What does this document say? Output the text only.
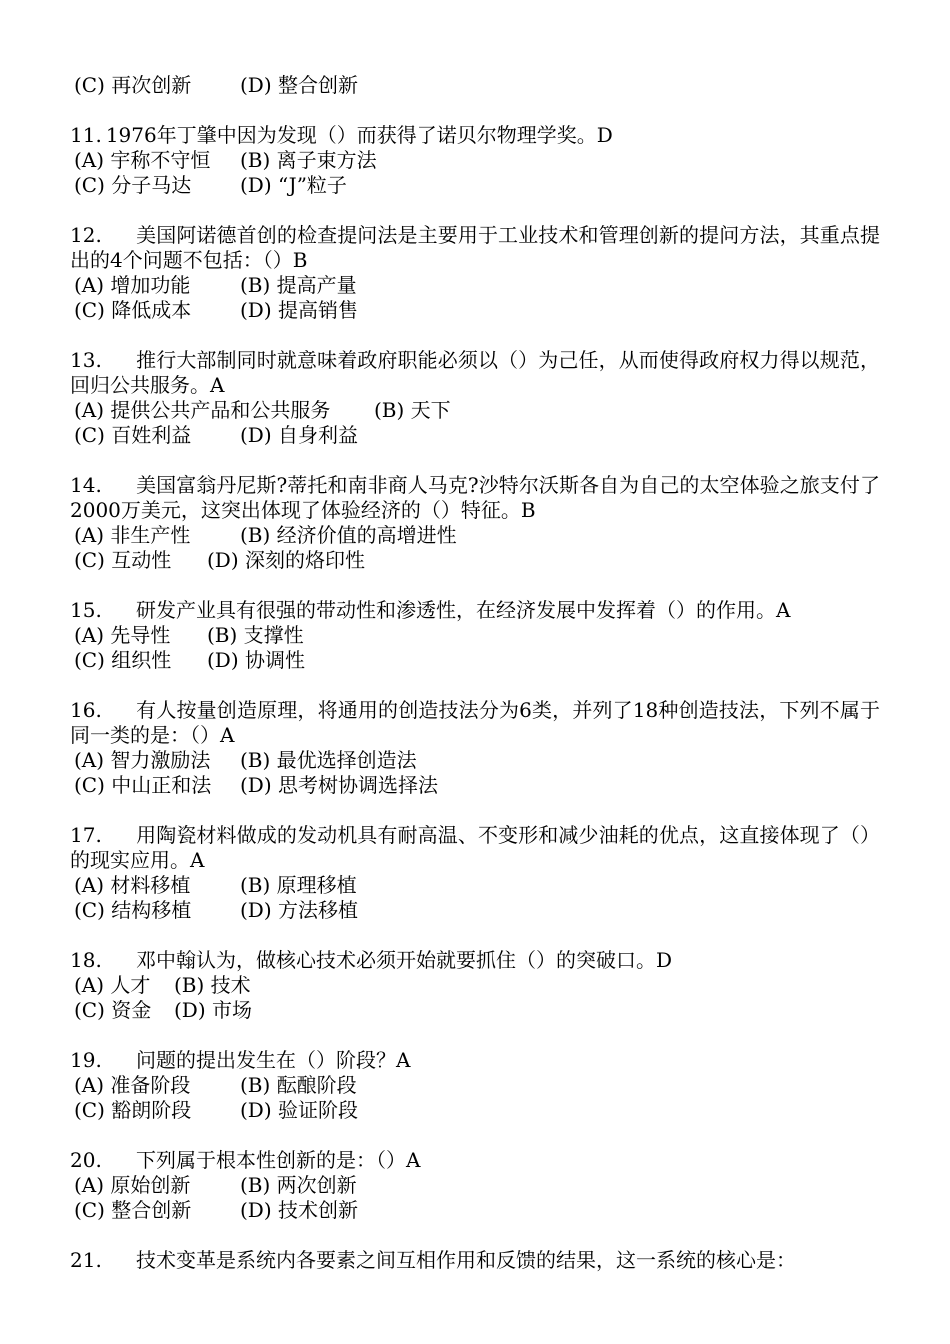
(C) 再次创新 (D) 整合创新
11. 1976年丁肇中因为发现（）而获得了诺贝尔物理学奖。D
(A) 宇称不守恒 (B) 离子束方法
(C) 分子马达 (D) “J”粒子
12. 美国阿诺德首创的检查提问法是主要用于工业技术和管理创新的提问方法，其重点提出的4个问题不包括：（）B
(A) 增加功能 (B) 提高产量
(C) 降低成本 (D) 提高销售
13. 推行大部制同时就意味着政府职能必须以（）为己任，从而使得政府权力得以规范，回归公共服务。A
(A) 提供公共产品和公共服务 (B) 天下
(C) 百姓利益 (D) 自身利益
14. 美国富翁丹尼斯?蒂托和南非商人马克?沙特尔沃斯各自为自己的太空体验之旅支付了2000万美元，这突出体现了体验经济的（）特征。B
(A) 非生产性 (B) 经济价值的高增进性
(C) 互动性 (D) 深刻的烙印性
15. 研发产业具有很强的带动性和渗透性，在经济发展中发挥着（）的作用。A
(A) 先导性 (B) 支撑性
(C) 组织性 (D) 协调性
16. 有人按量创造原理，将通用的创造技法分为6类，并列了18种创造技法，下列不属于同一类的是：（）A
(A) 智力激励法 (B) 最优选择创造法
(C) 中山正和法 (D) 思考树协调选择法
17. 用陶瓷材料做成的发动机具有耐高温、不变形和减少油耗的优点，这直接体现了（）的现实应用。A
(A) 材料移植 (B) 原理移植
(C) 结构移植 (D) 方法移植
18. 邓中翰认为，做核心技术必须开始就要抓住（）的突破口。D
(A) 人才 (B) 技术
(C) 资金 (D) 市场
19. 问题的提出发生在（）阶段？A
(A) 准备阶段 (B) 酝酿阶段
(C) 豁朗阶段 (D) 验证阶段
20. 下列属于根本性创新的是：（）A
(A) 原始创新 (B) 两次创新
(C) 整合创新 (D) 技术创新
21. 技术变革是系统内各要素之间互相作用和反馈的结果，这一系统的核心是：
